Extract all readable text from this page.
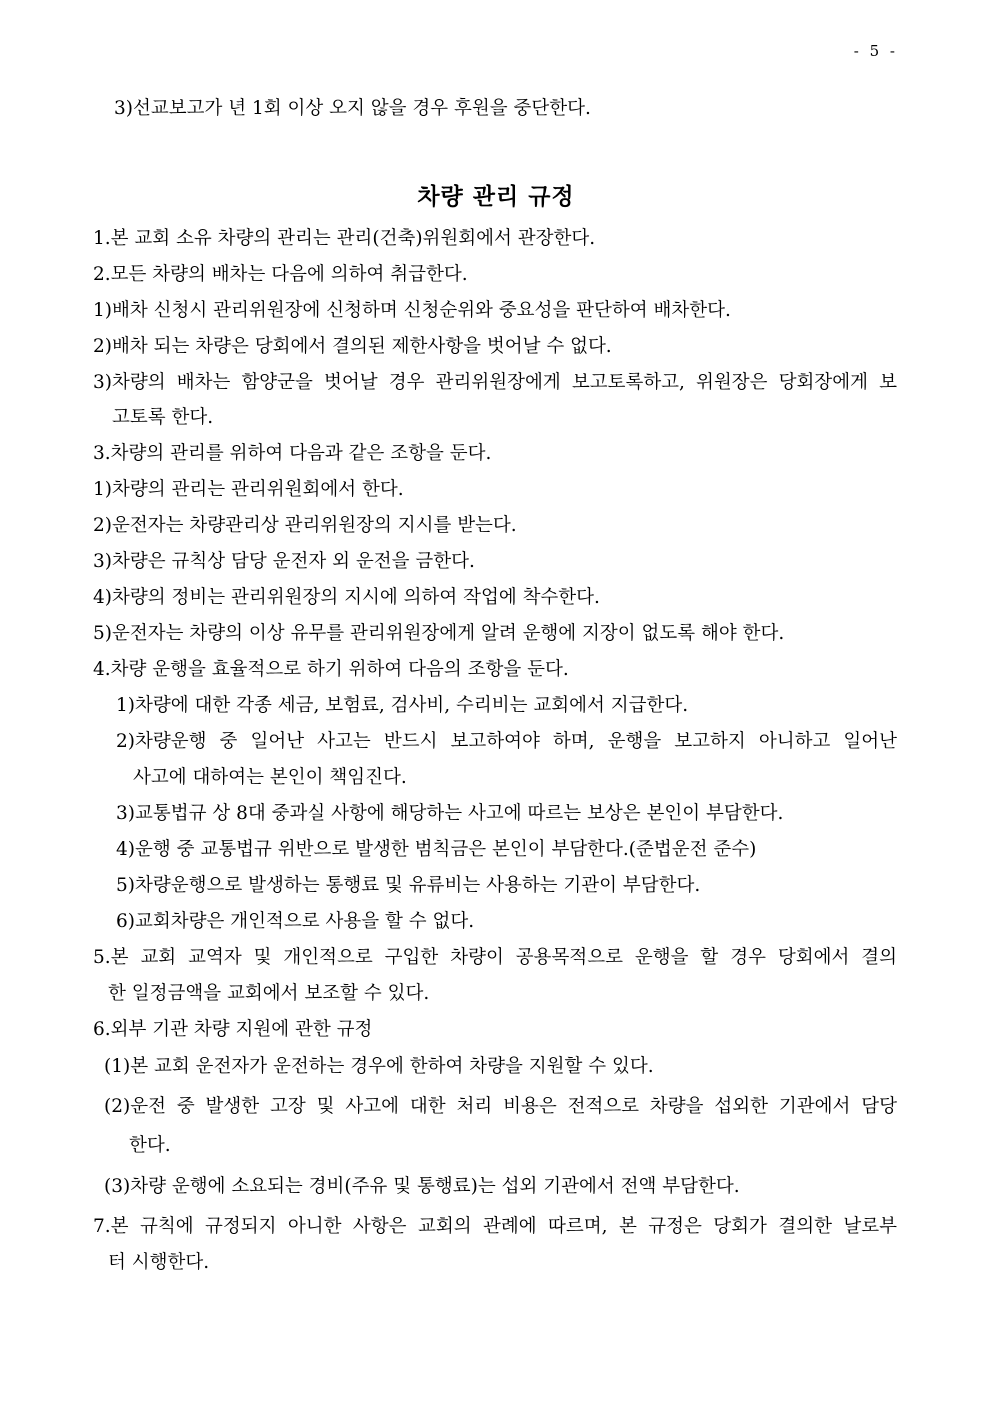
- 5 -
3)선교보고가 년 1회 이상 오지 않을 경우 후원을 중단한다.
차량 관리 규정
1.본 교회 소유 차량의 관리는 관리(건축)위원회에서 관장한다.
2.모든 차량의 배차는 다음에 의하여 취급한다.
1)배차 신청시 관리위원장에 신청하며 신청순위와 중요성을 판단하여 배차한다.
2)배차 되는 차량은 당회에서 결의된 제한사항을 벗어날 수 없다.
3)차량의 배차는 함양군을 벗어날 경우 관리위원장에게 보고토록하고, 위원장은 당회장에게 보
고토록 한다.
3.차량의 관리를 위하여 다음과 같은 조항을 둔다.
1)차량의 관리는 관리위원회에서 한다.
2)운전자는 차량관리상 관리위원장의 지시를 받는다.
3)차량은 규칙상 담당 운전자 외 운전을 금한다.
4)차량의 정비는 관리위원장의 지시에 의하여 작업에 착수한다.
5)운전자는 차량의 이상 유무를 관리위원장에게 알려 운행에 지장이 없도록 해야 한다.
4.차량 운행을 효율적으로 하기 위하여 다음의 조항을 둔다.
1)차량에 대한 각종 세금, 보험료, 검사비, 수리비는 교회에서 지급한다.
2)차량운행 중 일어난 사고는 반드시 보고하여야 하며, 운행을 보고하지 아니하고 일어난
사고에 대하여는 본인이 책임진다.
3)교통법규 상 8대 중과실 사항에 해당하는 사고에 따르는 보상은 본인이 부담한다.
4)운행 중 교통법규 위반으로 발생한 범칙금은 본인이 부담한다.(준법운전 준수)
5)차량운행으로 발생하는 통행료 및 유류비는 사용하는 기관이 부담한다.
6)교회차량은 개인적으로 사용을 할 수 없다.
5.본 교회 교역자 및 개인적으로 구입한 차량이 공용목적으로 운행을 할 경우 당회에서 결의
한 일정금액을 교회에서 보조할 수 있다.
6.외부 기관 차량 지원에 관한 규정
(1)본 교회 운전자가 운전하는 경우에 한하여 차량을 지원할 수 있다.
(2)운전 중 발생한 고장 및 사고에 대한 처리 비용은 전적으로 차량을 섭외한 기관에서 담당
한다.
(3)차량 운행에 소요되는 경비(주유 및 통행료)는 섭외 기관에서 전액 부담한다.
7.본 규칙에 규정되지 아니한 사항은 교회의 관례에 따르며, 본 규정은 당회가 결의한 날로부
터 시행한다.
